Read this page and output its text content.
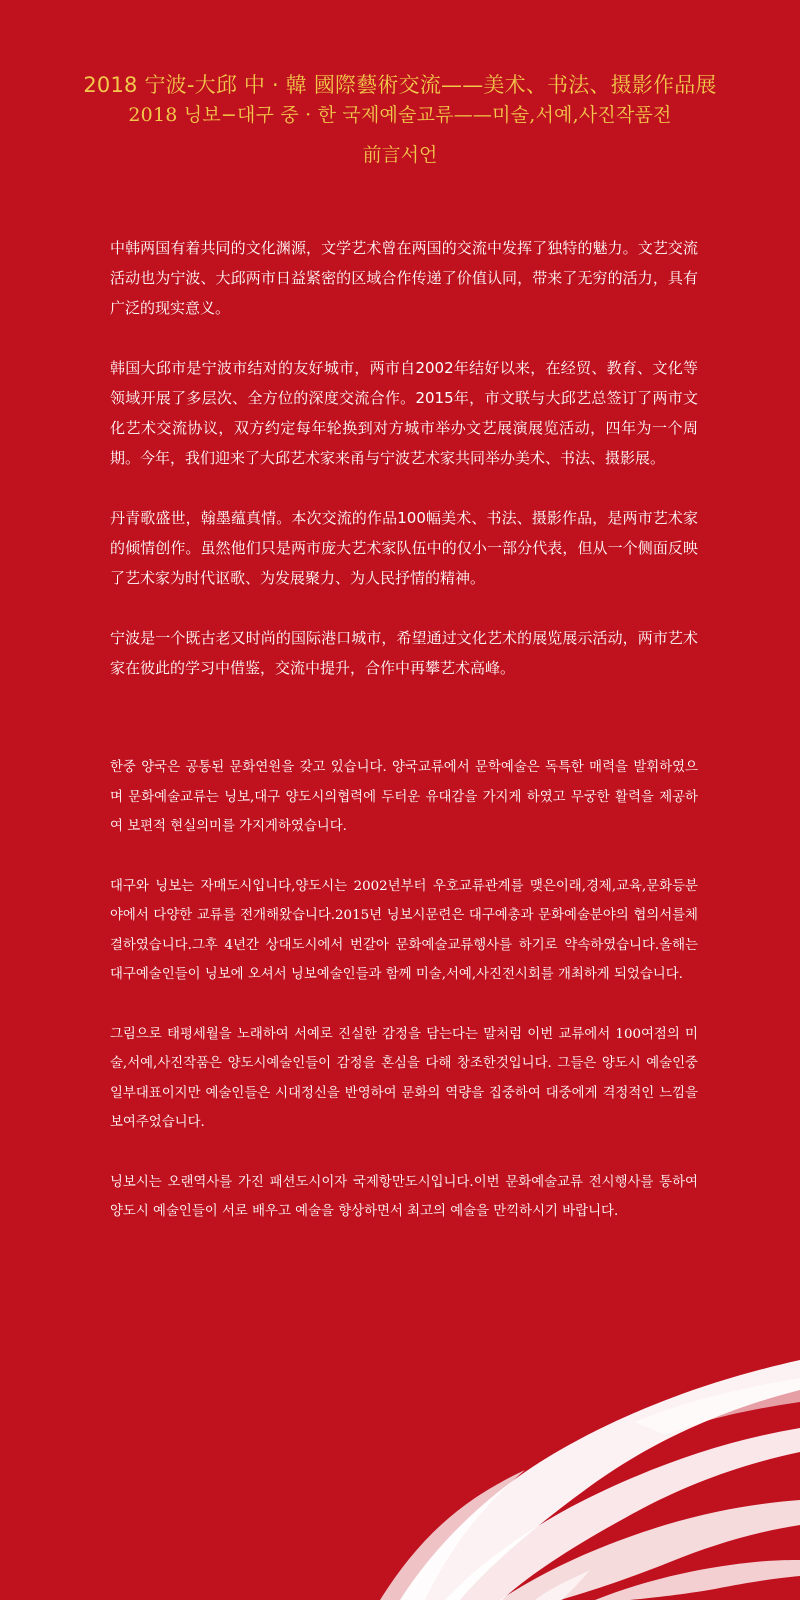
2018 宁波-大邱 中 · 韓 國際藝術交流——美术、书法、摄影作品展
2018 닝보−대구 중 · 한 국제예술교류——미술,서예,사진작품전
前言서언

中韩两国有着共同的文化渊源，文学艺术曾在两国的交流中发挥了独特的魅力。文艺交流活动也为宁波、大邱两市日益紧密的区域合作传递了价值认同，带来了无穷的活力，具有广泛的现实意义。

韩国大邱市是宁波市结对的友好城市，两市自2002年结好以来，在经贸、教育、文化等领域开展了多层次、全方位的深度交流合作。2015年，市文联与大邱艺总签订了两市文化艺术交流协议，双方约定每年轮换到对方城市举办文艺展演展览活动，四年为一个周期。今年，我们迎来了大邱艺术家来甬与宁波艺术家共同举办美术、书法、摄影展。

丹青歌盛世，翰墨蕴真情。本次交流的作品100幅美术、书法、摄影作品，是两市艺术家的倾情创作。虽然他们只是两市庞大艺术家队伍中的仅小一部分代表，但从一个侧面反映了艺术家为时代讴歌、为发展聚力、为人民抒情的精神。

宁波是一个既古老又时尚的国际港口城市，希望通过文化艺术的展览展示活动，两市艺术家在彼此的学习中借鉴，交流中提升，合作中再攀艺术高峰。

한중 양국은 공통된 문화연원을 갖고 있습니다. 양국교류에서 문학예술은 독특한 매력을 발휘하였으며 문화예술교류는 닝보,대구 양도시의협력에 두터운 유대감을 가지게 하였고 무궁한 활력을 제공하여 보편적 현실의미를 가지게하였습니다.

대구와 닝보는 자매도시입니다,양도시는 2002년부터 우호교류관계를 맺은이래,경제,교육,문화등분야에서 다양한 교류를 전개해왔습니다.2015년 닝보시문련은 대구예총과 문화예술분야의 협의서를체결하였습니다.그후 4년간 상대도시에서 번갈아 문화예술교류행사를 하기로 약속하였습니다.올해는 대구예술인들이 닝보에 오셔서 닝보예술인들과 함께 미술,서예,사진전시회를 개최하게 되었습니다.

그림으로 태평세월을 노래하여 서예로 진실한 감정을 담는다는 말처럼 이번 교류에서 100여점의 미술,서예,사진작품은 양도시예술인들이 감정을 혼심을 다해 창조한것입니다. 그들은 양도시 예술인중 일부대표이지만 예술인들은 시대정신을 반영하여 문화의 역량을 집중하여 대중에게 격정적인 느낌을 보여주었습니다.

닝보시는 오랜역사를 가진 패션도시이자 국제항만도시입니다.이번 문화예술교류 전시행사를 통하여 양도시 예술인들이 서로 배우고 예술을 향상하면서 최고의 예술을 만끽하시기 바랍니다.
